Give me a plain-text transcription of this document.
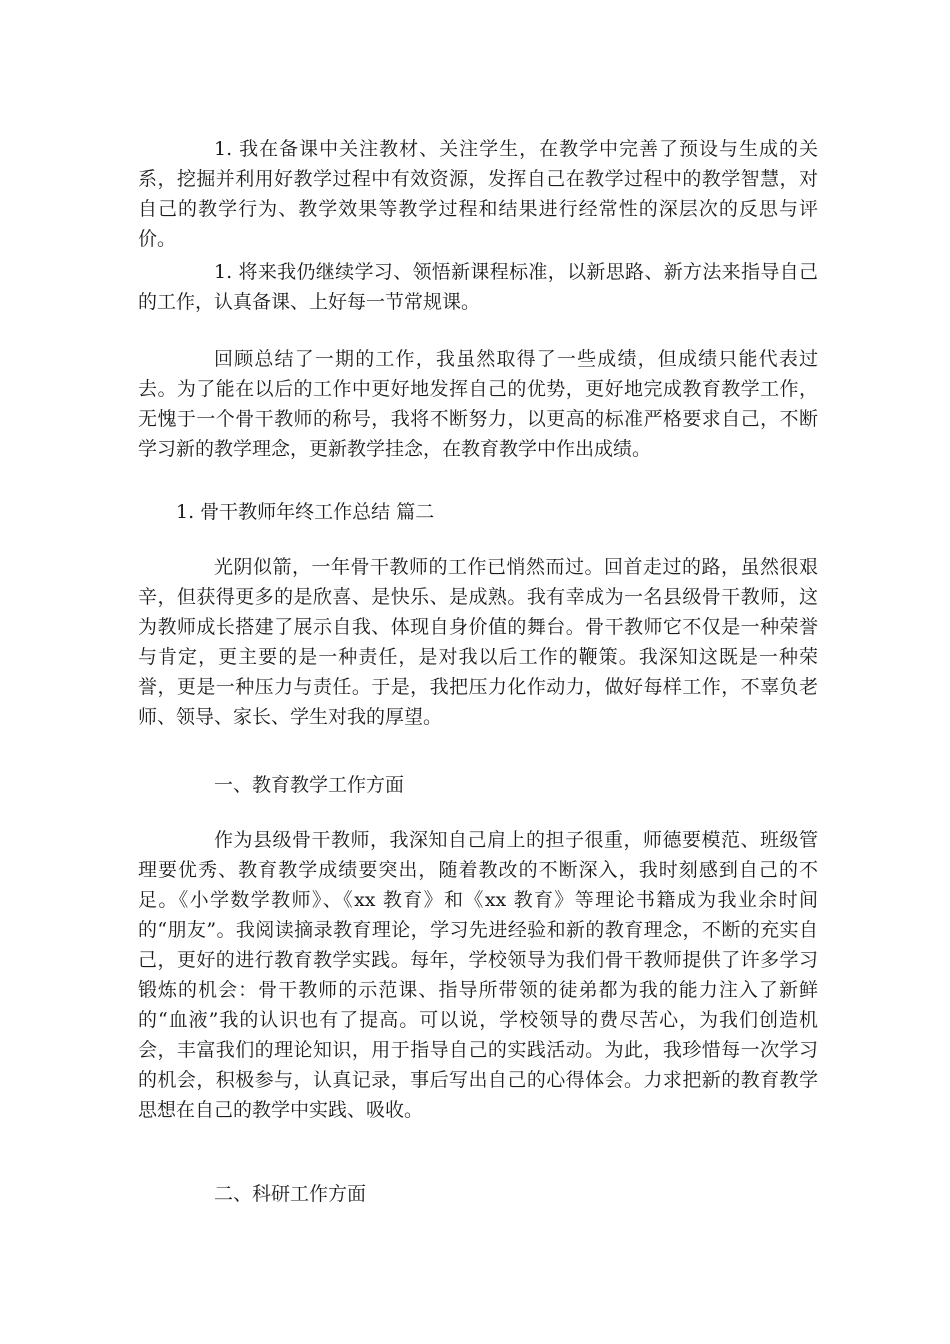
1. 我在备课中关注教材、关注学生，在教学中完善了预设与生成的关系，挖掘并利用好教学过程中有效资源，发挥自己在教学过程中的教学智慧，对自己的教学行为、教学效果等教学过程和结果进行经常性的深层次的反思与评价。

1. 将来我仍继续学习、领悟新课程标准，以新思路、新方法来指导自己的工作，认真备课、上好每一节常规课。

回顾总结了一期的工作，我虽然取得了一些成绩，但成绩只能代表过去。为了能在以后的工作中更好地发挥自己的优势，更好地完成教育教学工作，无愧于一个骨干教师的称号，我将不断努力，以更高的标准严格要求自己，不断学习新的教学理念，更新教学挂念，在教育教学中作出成绩。

1. 骨干教师年终工作总结 篇二

光阴似箭，一年骨干教师的工作已悄然而过。回首走过的路，虽然很艰辛，但获得更多的是欣喜、是快乐、是成熟。我有幸成为一名县级骨干教师，这为教师成长搭建了展示自我、体现自身价值的舞台。骨干教师它不仅是一种荣誉与肯定，更主要的是一种责任，是对我以后工作的鞭策。我深知这既是一种荣誉，更是一种压力与责任。于是，我把压力化作动力，做好每样工作，不辜负老师、领导、家长、学生对我的厚望。

一、教育教学工作方面

作为县级骨干教师，我深知自己肩上的担子很重，师德要模范、班级管理要优秀、教育教学成绩要突出，随着教改的不断深入，我时刻感到自己的不足。《小学数学教师》、《xx 教育》和《xx 教育》等理论书籍成为我业余时间的“朋友”。我阅读摘录教育理论，学习先进经验和新的教育理念，不断的充实自己，更好的进行教育教学实践。每年，学校领导为我们骨干教师提供了许多学习锻炼的机会：骨干教师的示范课、指导所带领的徒弟都为我的能力注入了新鲜的“血液”我的认识也有了提高。可以说，学校领导的费尽苦心，为我们创造机会，丰富我们的理论知识，用于指导自己的实践活动。为此，我珍惜每一次学习的机会，积极参与，认真记录，事后写出自己的心得体会。力求把新的教育教学思想在自己的教学中实践、吸收。

二、科研工作方面
